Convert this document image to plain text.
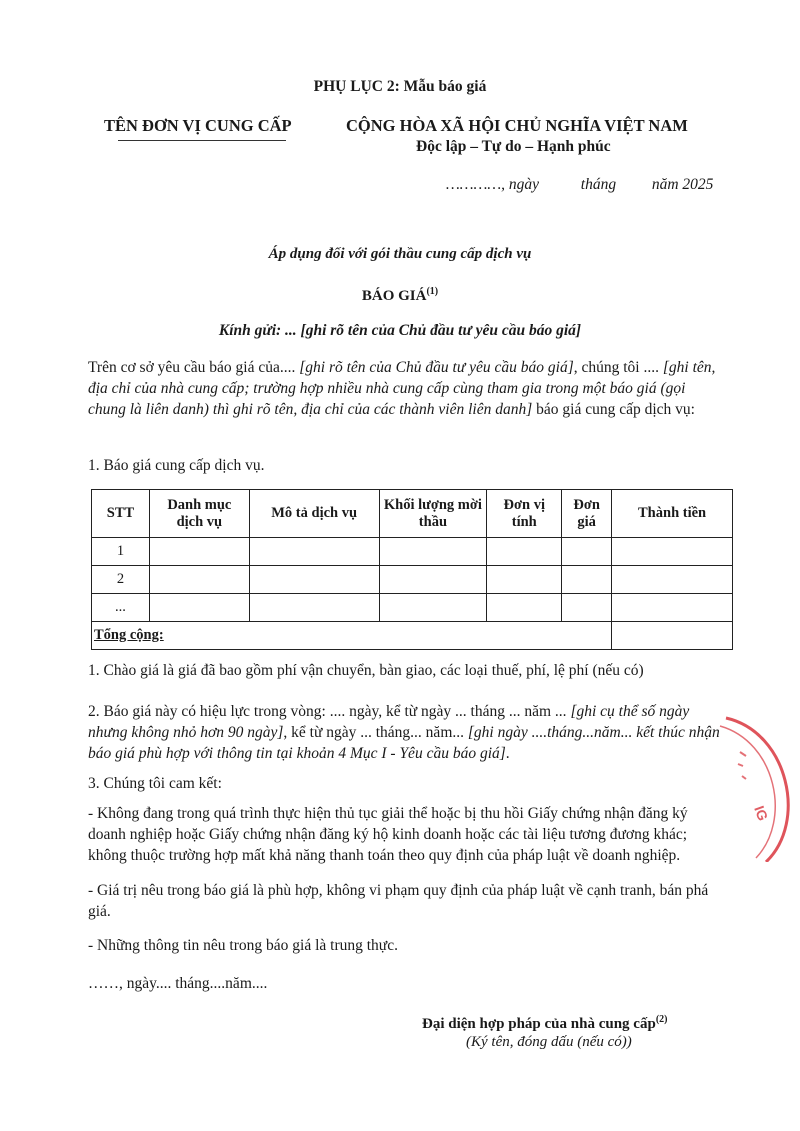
PHỤ LỤC 2: Mẫu báo giá
TÊN ĐƠN VỊ CUNG CẤP	CỘNG HÒA XÃ HỘI CHỦ NGHĨA VIỆT NAM
Độc lập – Tự do – Hạnh phúc
…………, ngày	tháng năm 2025
Áp dụng đối với gói thầu cung cấp dịch vụ
BÁO GIÁ$^{(1)}$
Kính gửi: ... [ghi rõ tên của Chủ đầu tư yêu cầu báo giá]
Trên cơ sở yêu cầu báo giá của.... [ghi rõ tên của Chủ đầu tư yêu cầu báo giá], chúng tôi .... [ghi tên, địa chỉ của nhà cung cấp; trường hợp nhiều nhà cung cấp cùng tham gia trong một báo giá (gọi chung là liên danh) thì ghi rõ tên, địa chỉ của các thành viên liên danh] báo giá cung cấp dịch vụ:
1. Báo giá cung cấp dịch vụ.
STT	Danh mục dịch vụ	Mô tả dịch vụ	Khối lượng mời thầu	Đơn vị tính	Đơn giá	Thành tiền
1						
2						
...						
Tổng cộng:						
1. Chào giá là giá đã bao gồm phí vận chuyển, bàn giao, các loại thuế, phí, lệ phí (nếu có)
2. Báo giá này có hiệu lực trong vòng: .... ngày, kể từ ngày ... tháng ... năm ... [ghi cụ thể số ngày nhưng không nhỏ hơn 90 ngày], kể từ ngày ... tháng... năm... [ghi ngày ....tháng...năm... kết thúc nhận báo giá phù hợp với thông tin tại khoản 4 Mục I - Yêu cầu báo giá].
3. Chúng tôi cam kết:
- Không đang trong quá trình thực hiện thủ tục giải thể hoặc bị thu hồi Giấy chứng nhận đăng ký doanh nghiệp hoặc Giấy chứng nhận đăng ký hộ kinh doanh hoặc các tài liệu tương đương khác; không thuộc trường hợp mất khả năng thanh toán theo quy định của pháp luật về doanh nghiệp.
- Giá trị nêu trong báo giá là phù hợp, không vi phạm quy định của pháp luật về cạnh tranh, bán phá giá.
- Những thông tin nêu trong báo giá là trung thực.
……, ngày.... tháng....năm....
Đại diện hợp pháp của nhà cung cấp$^{(2)}$
(Ký tên, đóng dấu (nếu có))
IG
